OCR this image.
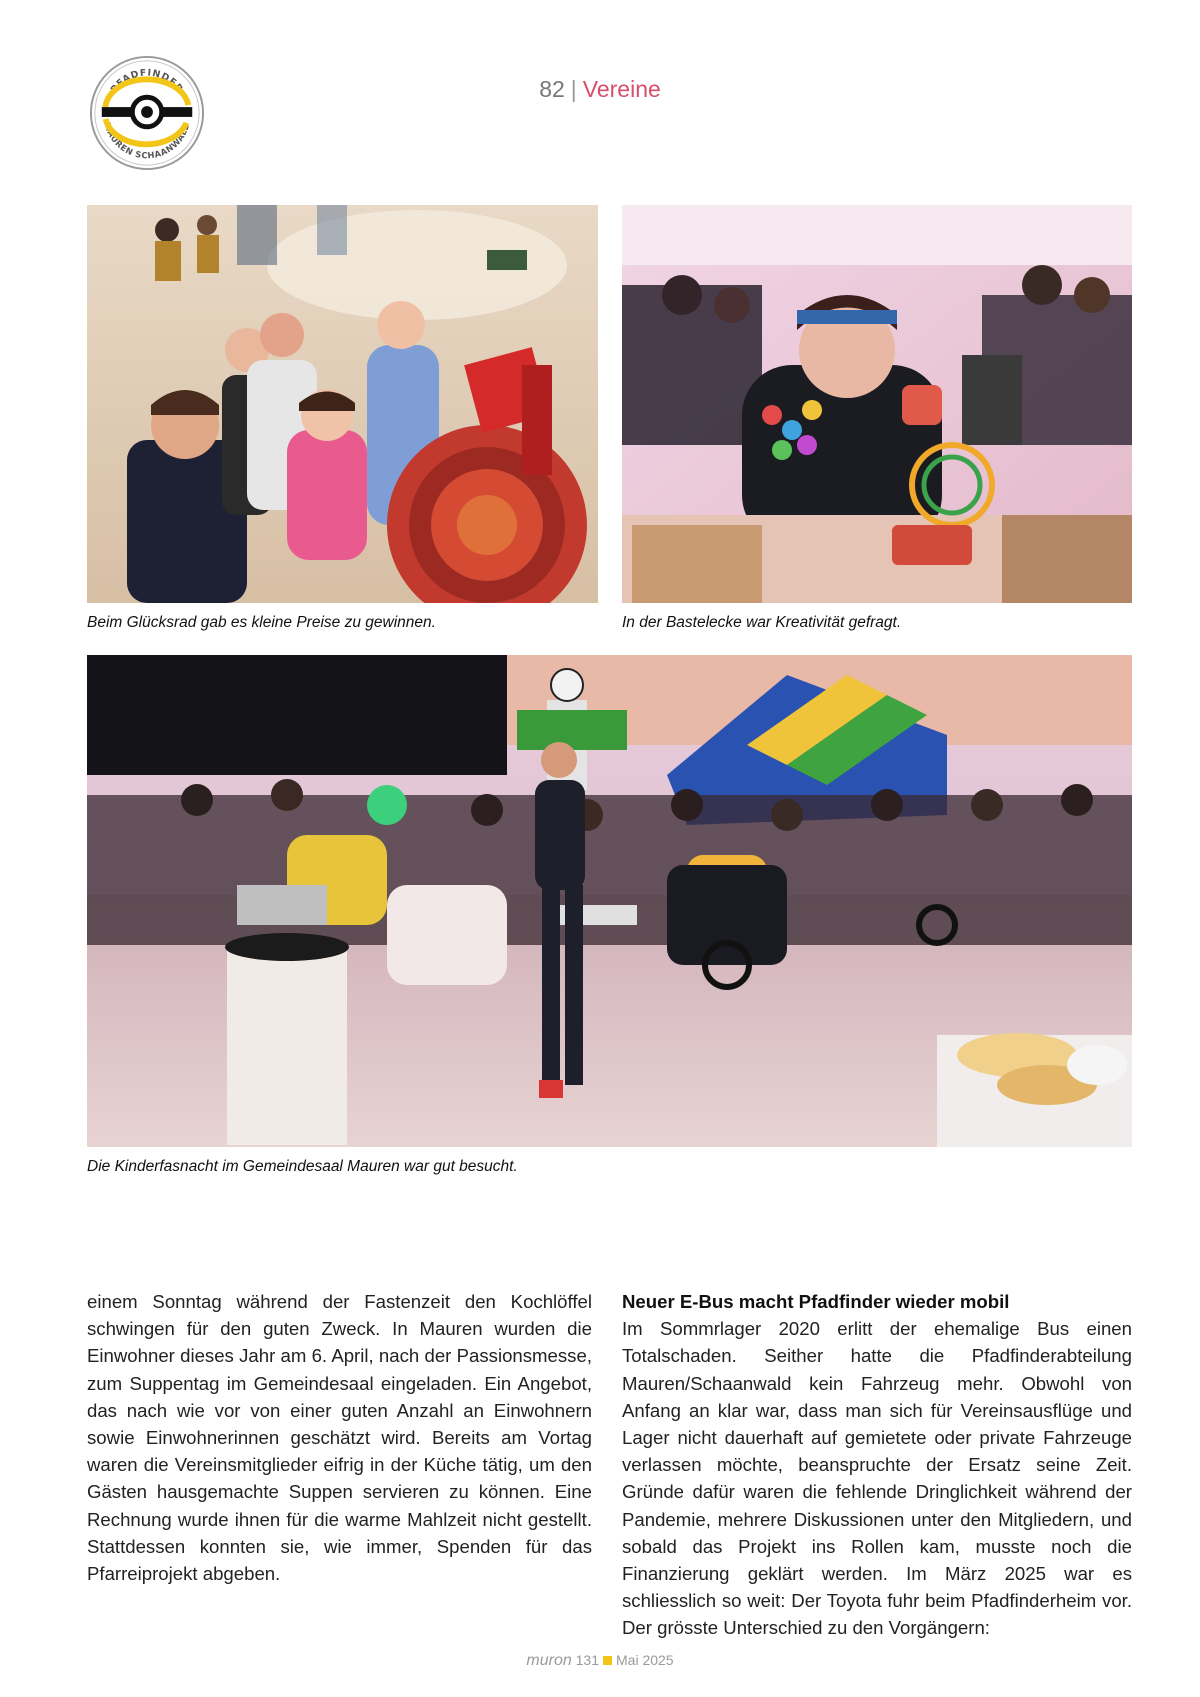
PFADFINDER
MAUREN SCHAANWALD
82 | Vereine
Beim Glücksrad gab es kleine Preise zu gewinnen.	In der Bastelecke war Kreativität gefragt.
Die Kinderfasnacht im Gemeindesaal Mauren war gut besucht.

einem Sonntag während der Fastenzeit den Kochlöffel schwingen für den guten Zweck. In Mauren wurden die Einwohner dieses Jahr am 6. April, nach der Passionsmesse, zum Suppentag im Gemeindesaal eingeladen. Ein Angebot, das nach wie vor von einer guten Anzahl an Einwohnern sowie Einwohnerinnen geschätzt wird. Bereits am Vortag waren die Vereinsmitglieder eifrig in der Küche tätig, um den Gästen hausgemachte Suppen servieren zu können. Eine Rechnung wurde ihnen für die warme Mahlzeit nicht gestellt. Stattdessen konnten sie, wie immer, Spenden für das Pfarreiprojekt abgeben.

Neuer E-Bus macht Pfadfinder wieder mobil

Im Sommrlager 2020 erlitt der ehemalige Bus einen Totalschaden. Seither hatte die Pfadfinderabteilung Mauren/Schaanwald kein Fahrzeug mehr. Obwohl von Anfang an klar war, dass man sich für Vereinsausflüge und Lager nicht dauerhaft auf gemietete oder private Fahrzeuge verlassen möchte, beanspruchte der Ersatz seine Zeit. Gründe dafür waren die fehlende Dringlichkeit während der Pandemie, mehrere Diskussionen unter den Mitgliedern, und sobald das Projekt ins Rollen kam, musste noch die Finanzierung geklärt werden. Im März 2025 war es schliesslich so weit: Der Toyota fuhr beim Pfadfinderheim vor. Der grösste Unterschied zu den Vorgängern:

muron 131 Mai 2025
